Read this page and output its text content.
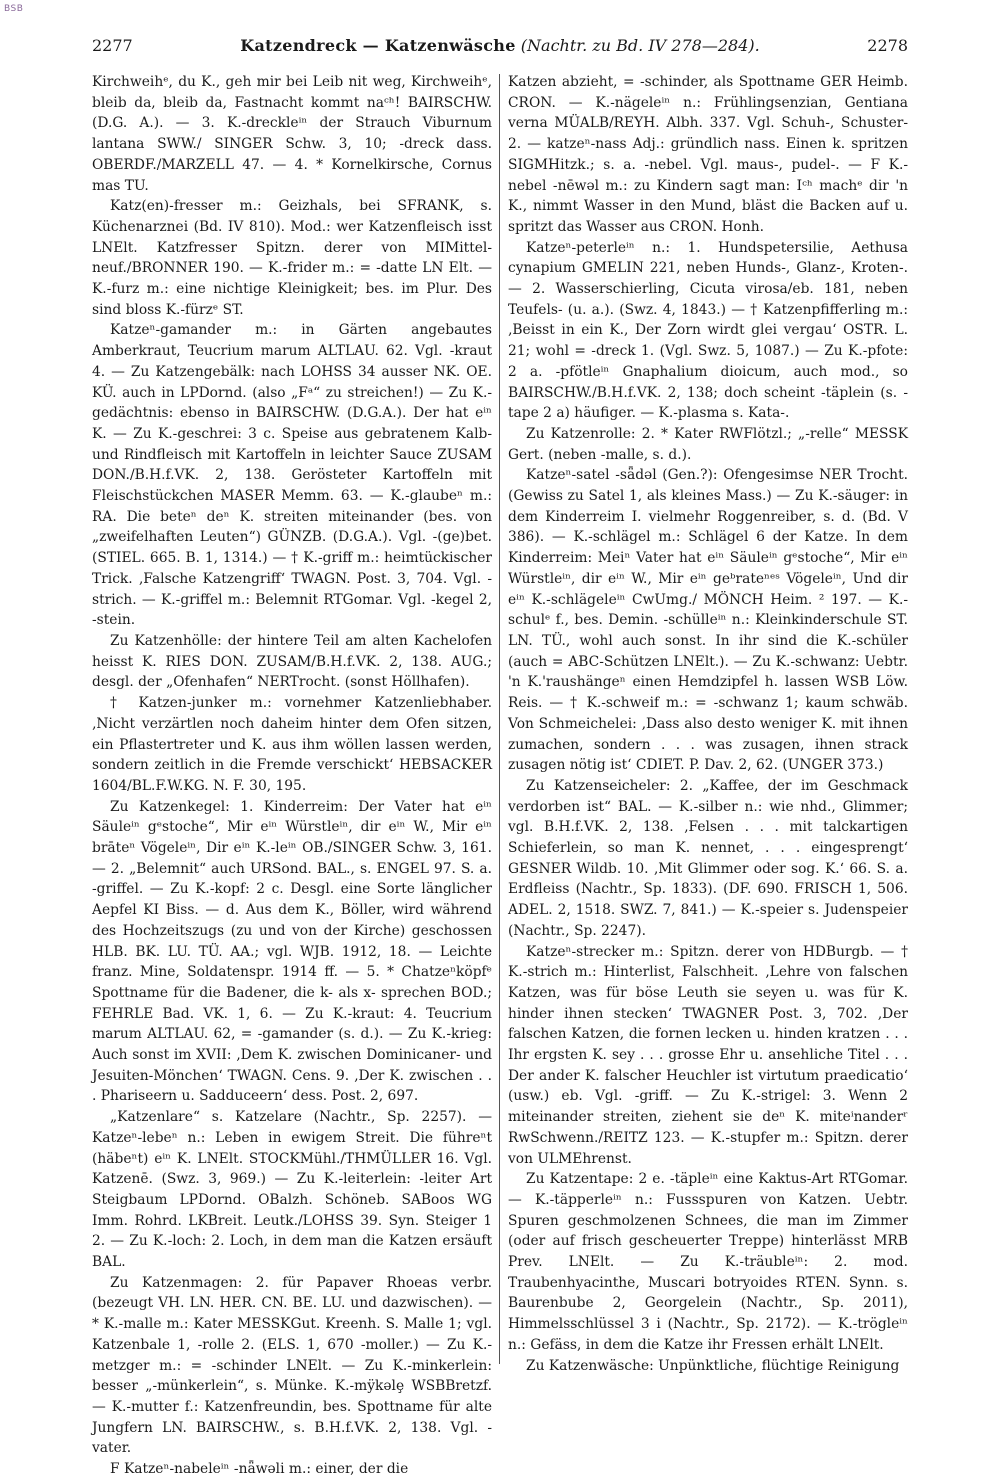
BSB
2277	Katzendreck — Katzenwäsche (Nachtr. zu Bd. IV 278—284).	2278

Kirchweihᵉ, du K., geh mir bei Leib nit weg, Kirchweihᵉ, bleib da, bleib da, Fastnacht kommt naᶜʰ! BAIRSCHW. (D.G. A.). — 3. K.-dreckleⁱⁿ der Strauch Viburnum lantana SWW./ SINGER Schw. 3, 10; -dreck dass. OBERDF./MARZELL 47. — 4. * Kornelkirsche, Cornus mas TU.

Katz(en)-fresser m.: Geizhals, bei SFRANK, s. Küchenarznei (Bd. IV 810). Mod.: wer Katzenfleisch isst LNElt. Katzfresser Spitzn. derer von MIMittel-neuf./BRONNER 190. — K.-frider m.: = -datte LN Elt. — K.-furz m.: eine nichtige Kleinigkeit; bes. im Plur. Des sind bloss K.-fürzᵉ ST.

Katzeⁿ-gamander m.: in Gärten angebautes Amberkraut, Teucrium marum ALTLAU. 62. Vgl. -kraut 4. — Zu Katzengebälk: nach LOHSS 34 ausser NK. OE. KÜ. auch in LPDornd. (also „Fᵃ“ zu streichen!) — Zu K.-gedächtnis: ebenso in BAIRSCHW. (D.G.A.). Der hat eⁱⁿ K. — Zu K.-geschrei: 3 c. Speise aus gebratenem Kalb- und Rindfleisch mit Kartoffeln in leichter Sauce ZUSAM DON./B.H.f.VK. 2, 138. Gerösteter Kartoffeln mit Fleischstückchen MASER Memm. 63. — K.-glaubeⁿ m.: RA. Die beteⁿ deⁿ K. streiten miteinander (bes. von „zweifelhaften Leuten“) GÜNZB. (D.G.A.). Vgl. -(ge)bet. (STIEL. 665. B. 1, 1314.) — † K.-griff m.: heimtückischer Trick. ‚Falsche Katzengriff‘ TWAGN. Post. 3, 704. Vgl. -strich. — K.-griffel m.: Belemnit RTGomar. Vgl. -kegel 2, -stein.

Zu Katzenhölle: der hintere Teil am alten Kachelofen heisst K. RIES DON. ZUSAM/B.H.f.VK. 2, 138. AUG.; desgl. der „Ofenhafen“ NERTrocht. (sonst Höllhafen).

† Katzen-junker m.: vornehmer Katzenliebhaber. ‚Nicht verzärtlen noch daheim hinter dem Ofen sitzen, ein Pflastertreter und K. aus ihm wöllen lassen werden, sondern zeitlich in die Fremde verschickt‘ HEBSACKER 1604/BL.F.W.KG. N. F. 30, 195.

Zu Katzenkegel: 1. Kinderreim: Der Vater hat eⁱⁿ Säuleⁱⁿ gᵉstoche“, Mir eⁱⁿ Würstleⁱⁿ, dir eⁱⁿ W., Mir eⁱⁿ brāteⁿ Vögeleⁱⁿ, Dir eⁱⁿ K.-leⁱⁿ OB./SINGER Schw. 3, 161. — 2. „Belemnit“ auch URSond. BAL., s. ENGEL 97. S. a. -griffel. — Zu K.-kopf: 2 c. Desgl. eine Sorte länglicher Aepfel KI Biss. — d. Aus dem K., Böller, wird während des Hochzeitszugs (zu und von der Kirche) geschossen HLB. BK. LU. TÜ. AA.; vgl. WJB. 1912, 18. — Leichte franz. Mine, Soldatenspr. 1914 ff. — 5. * Chatzeⁿköpfᵉ Spottname für die Badener, die k- als x- sprechen BOD.; FEHRLE Bad. VK. 1, 6. — Zu K.-kraut: 4. Teucrium marum ALTLAU. 62, = -gamander (s. d.). — Zu K.-krieg: Auch sonst im XVII: ‚Dem K. zwischen Dominicaner- und Jesuiten-Mönchen‘ TWAGN. Cens. 9. ‚Der K. zwischen . . . Phariseern u. Sadduceern‘ dess. Post. 2, 697.

„Katzenlare“ s. Katzelare (Nachtr., Sp. 2257). — Katzeⁿ-lebeⁿ n.: Leben in ewigem Streit. Die führeⁿt (häbeⁿt) eⁱⁿ K. LNElt. STOCKMühl./THMÜLLER 16. Vgl. Katzenē. (Swz. 3, 969.) — Zu K.-leiterlein: -leiter Art Steigbaum LPDornd. OBalzh. Schöneb. SABoos WG Imm. Rohrd. LKBreit. Leutk./LOHSS 39. Syn. Steiger 1 2. — Zu K.-loch: 2. Loch, in dem man die Katzen ersäuft BAL.

Zu Katzenmagen: 2. für Papaver Rhoeas verbr. (bezeugt VH. LN. HER. CN. BE. LU. und dazwischen). — * K.-malle m.: Kater MESSKGut. Kreenh. S. Malle 1; vgl. Katzenbale 1, -rolle 2. (ELS. 1, 670 -moller.) — Zu K.-metzger m.: = -schinder LNElt. — Zu K.-minkerlein: besser „-münkerlein“, s. Münke. K.-mÿkəlȩ WSBBretzf. — K.-mutter f.: Katzenfreundin, bes. Spottname für alte Jungfern LN. BAIRSCHW., s. B.H.f.VK. 2, 138. Vgl. -vater.

F Katzeⁿ-nabeleⁱⁿ -nǟwəli m.: einer, der die

Katzen abzieht, = -schinder, als Spottname GER Heimb. CRON. — K.-nägeleⁱⁿ n.: Frühlingsenzian, Gentiana verna MÜALB/REYH. Albh. 337. Vgl. Schuh-, Schuster- 2. — katzeⁿ-nass Adj.: gründlich nass. Einen k. spritzen SIGMHitzk.; s. a. -nebel. Vgl. maus-, pudel-. — F K.-nebel -nēwəl m.: zu Kindern sagt man: Iᶜʰ machᵉ dir 'n K., nimmt Wasser in den Mund, bläst die Backen auf u. spritzt das Wasser aus CRON. Honh.

Katzeⁿ-peterleⁱⁿ n.: 1. Hundspetersilie, Aethusa cynapium GMELIN 221, neben Hunds-, Glanz-, Kroten-. — 2. Wasserschierling, Cicuta virosa/eb. 181, neben Teufels- (u. a.). (Swz. 4, 1843.) — † Katzenpfifferling m.: ‚Beisst in ein K., Der Zorn wirdt glei vergau‘ OSTR. L. 21; wohl = -dreck 1. (Vgl. Swz. 5, 1087.) — Zu K.-pfote: 2 a. -pfötleⁱⁿ Gnaphalium dioicum, auch mod., so BAIRSCHW./B.H.f.VK. 2, 138; doch scheint -täplein (s. -tape 2 a) häufiger. — K.-plasma s. Kata-.

Zu Katzenrolle: 2. * Kater RWFlötzl.; „-relle“ MESSK Gert. (neben -malle, s. d.).

Katzeⁿ-satel -sǟdəl (Gen.?): Ofengesimse NER Trocht. (Gewiss zu Satel 1, als kleines Mass.) — Zu K.-säuger: in dem Kinderreim I. vielmehr Roggenreiber, s. d. (Bd. V 386). — K.-schlägel m.: Schlägel 6 der Katze. In dem Kinderreim: Meiⁿ Vater hat eⁱⁿ Säuleⁱⁿ gᵉstoche“, Mir eⁱⁿ Würstleⁱⁿ, dir eⁱⁿ W., Mir eⁱⁿ geᵇrateⁿᵉˢ Vögeleⁱⁿ, Und dir eⁱⁿ K.-schlägeleⁱⁿ CwUmg./ MÖNCH Heim. ² 197. — K.-schulᵉ f., bes. Demin. -schülleⁱⁿ n.: Kleinkinderschule ST. LN. TÜ., wohl auch sonst. In ihr sind die K.-schüler (auch = ABC-Schützen LNElt.). — Zu K.-schwanz: Uebtr. 'n K.'raushängeⁿ einen Hemdzipfel h. lassen WSB Löw. Reis. — † K.-schweif m.: = -schwanz 1; kaum schwäb. Von Schmeichelei: ‚Dass also desto weniger K. mit ihnen zumachen, sondern . . . was zusagen, ihnen strack zusagen nötig ist‘ CDIET. P. Dav. 2, 62. (UNGER 373.)

Zu Katzenseicheler: 2. „Kaffee, der im Geschmack verdorben ist“ BAL. — K.-silber n.: wie nhd., Glimmer; vgl. B.H.f.VK. 2, 138. ‚Felsen . . . mit talckartigen Schieferlein, so man K. nennet, . . . eingesprengt‘ GESNER Wildb. 10. ‚Mit Glimmer oder sog. K.‘ 66. S. a. Erdfleiss (Nachtr., Sp. 1833). (DF. 690. FRISCH 1, 506. ADEL. 2, 1518. SWZ. 7, 841.) — K.-speier s. Judenspeier (Nachtr., Sp. 2247).

Katzeⁿ-strecker m.: Spitzn. derer von HDBurgb. — † K.-strich m.: Hinterlist, Falschheit. ‚Lehre von falschen Katzen, was für böse Leuth sie seyen u. was für K. hinder ihnen stecken‘ TWAGNER Post. 3, 702. ‚Der falschen Katzen, die fornen lecken u. hinden kratzen . . . Ihr ergsten K. sey . . . grosse Ehr u. ansehliche Titel . . . Der ander K. falscher Heuchler ist virtutum praedicatio‘ (usw.) eb. Vgl. -griff. — Zu K.-strigel: 3. Wenn 2 miteinander streiten, ziehent sie deⁿ K. miteⁱnanderʳ RwSchwenn./REITZ 123. — K.-stupfer m.: Spitzn. derer von ULMEhrenst.

Zu Katzentape: 2 e. -täpleⁱⁿ eine Kaktus-Art RTGomar. — K.-täpperleⁱⁿ n.: Fussspuren von Katzen. Uebtr. Spuren geschmolzenen Schnees, die man im Zimmer (oder auf frisch gescheuerter Treppe) hinterlässt MRB Prev. LNElt. — Zu K.-träubleⁱⁿ: 2. mod. Traubenhyacinthe, Muscari botryoides RTEN. Synn. s. Baurenbube 2, Georgelein (Nachtr., Sp. 2011), Himmelsschlüssel 3 i (Nachtr., Sp. 2172). — K.-trögleⁱⁿ n.: Gefäss, in dem die Katze ihr Fressen erhält LNElt.

Zu Katzenwäsche: Unpünktliche, flüchtige Reinigung
